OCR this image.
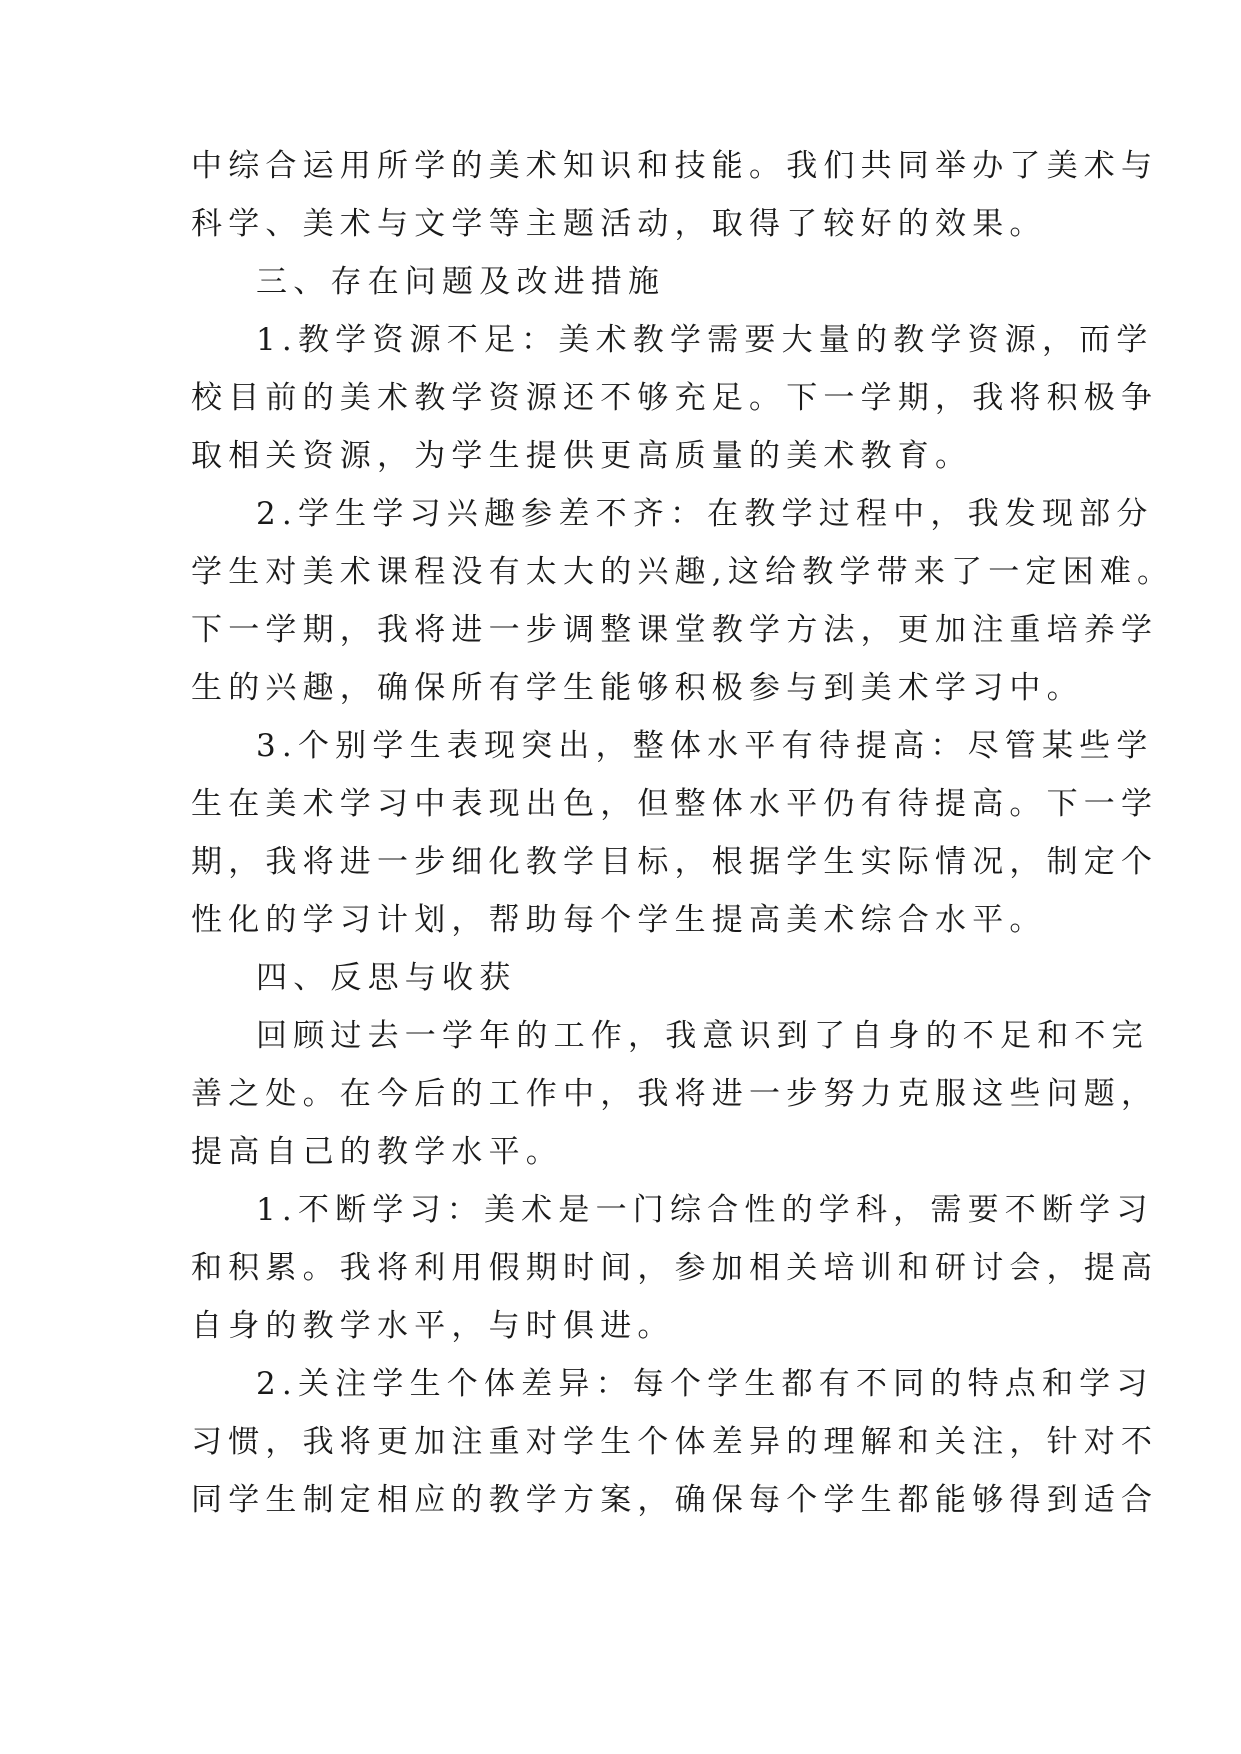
中综合运用所学的美术知识和技能。我们共同举办了美术与
科学、美术与文学等主题活动，取得了较好的效果。
三、存在问题及改进措施
1.教学资源不足：美术教学需要大量的教学资源，而学
校目前的美术教学资源还不够充足。下一学期，我将积极争
取相关资源，为学生提供更高质量的美术教育。
2.学生学习兴趣参差不齐：在教学过程中，我发现部分
学生对美术课程没有太大的兴趣,这给教学带来了一定困难。
下一学期，我将进一步调整课堂教学方法，更加注重培养学
生的兴趣，确保所有学生能够积极参与到美术学习中。
3.个别学生表现突出，整体水平有待提高：尽管某些学
生在美术学习中表现出色，但整体水平仍有待提高。下一学
期，我将进一步细化教学目标，根据学生实际情况，制定个
性化的学习计划，帮助每个学生提高美术综合水平。
四、反思与收获
回顾过去一学年的工作，我意识到了自身的不足和不完
善之处。在今后的工作中，我将进一步努力克服这些问题，
提高自己的教学水平。
1.不断学习：美术是一门综合性的学科，需要不断学习
和积累。我将利用假期时间，参加相关培训和研讨会，提高
自身的教学水平，与时俱进。
2.关注学生个体差异：每个学生都有不同的特点和学习
习惯，我将更加注重对学生个体差异的理解和关注，针对不
同学生制定相应的教学方案，确保每个学生都能够得到适合
